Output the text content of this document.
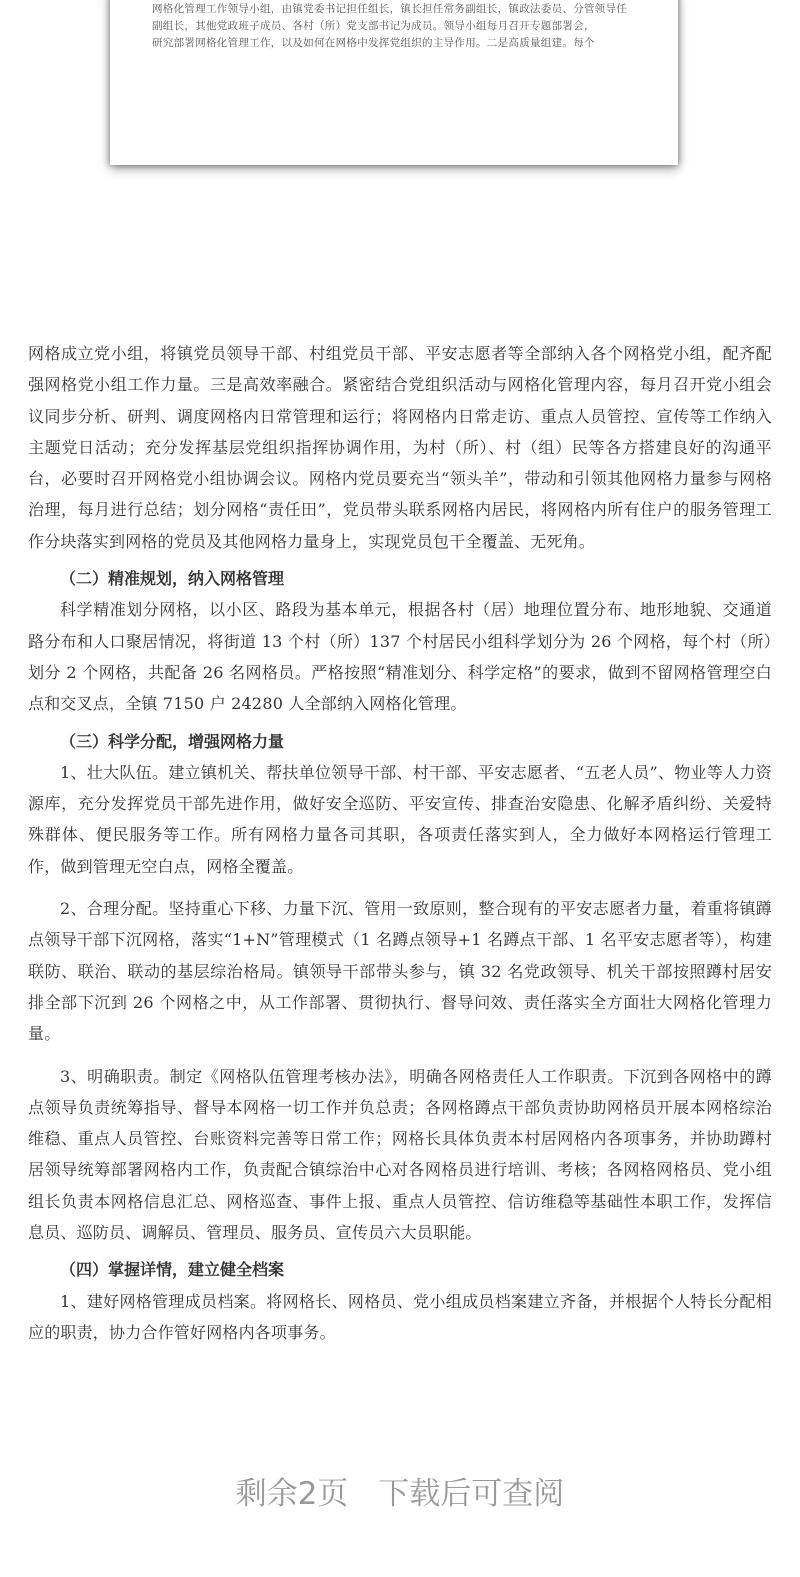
网格化管理工作领导小组，由镇党委书记担任组长，镇长担任常务副组长，镇政法委员、分管领导任

副组长，其他党政班子成员、各村（所）党支部书记为成员。领导小组每月召开专题部署会，

研究部署网格化管理工作，以及如何在网格中发挥党组织的主导作用。二是高质量组建。每个

网格成立党小组，将镇党员领导干部、村组党员干部、平安志愿者等全部纳入各个网格党小组，配齐配强网格党小组工作力量。三是高效率融合。紧密结合党组织活动与网格化管理内容，每月召开党小组会议同步分析、研判、调度网格内日常管理和运行；将网格内日常走访、重点人员管控、宣传等工作纳入主题党日活动；充分发挥基层党组织指挥协调作用，为村（所）、村（组）民等各方搭建良好的沟通平台，必要时召开网格党小组协调会议。网格内党员要充当“领头羊”，带动和引领其他网格力量参与网格治理，每月进行总结；划分网格“责任田”，党员带头联系网格内居民，将网格内所有住户的服务管理工作分块落实到网格的党员及其他网格力量身上，实现党员包干全覆盖、无死角。

（二）精准规划，纳入网格管理

科学精准划分网格，以小区、路段为基本单元，根据各村（居）地理位置分布、地形地貌、交通道路分布和人口聚居情况，将街道 13 个村（所）137 个村居民小组科学划分为 26 个网格，每个村（所）划分 2 个网格，共配备 26 名网格员。严格按照“精准划分、科学定格”的要求，做到不留网格管理空白点和交叉点，全镇 7150 户 24280 人全部纳入网格化管理。

（三）科学分配，增强网格力量

1、壮大队伍。建立镇机关、帮扶单位领导干部、村干部、平安志愿者、“五老人员”、物业等人力资源库，充分发挥党员干部先进作用，做好安全巡防、平安宣传、排查治安隐患、化解矛盾纠纷、关爱特殊群体、便民服务等工作。所有网格力量各司其职，各项责任落实到人，全力做好本网格运行管理工作，做到管理无空白点，网格全覆盖。

2、合理分配。坚持重心下移、力量下沉、管用一致原则，整合现有的平安志愿者力量，着重将镇蹲点领导干部下沉网格，落实“1+N”管理模式（1 名蹲点领导+1 名蹲点干部、1 名平安志愿者等），构建联防、联治、联动的基层综治格局。镇领导干部带头参与，镇 32 名党政领导、机关干部按照蹲村居安排全部下沉到 26 个网格之中，从工作部署、贯彻执行、督导问效、责任落实全方面壮大网格化管理力量。

3、明确职责。制定《网格队伍管理考核办法》，明确各网格责任人工作职责。下沉到各网格中的蹲点领导负责统筹指导、督导本网格一切工作并负总责；各网格蹲点干部负责协助网格员开展本网格综治维稳、重点人员管控、台账资料完善等日常工作；网格长具体负责本村居网格内各项事务，并协助蹲村居领导统筹部署网格内工作，负责配合镇综治中心对各网格员进行培训、考核；各网格网格员、党小组组长负责本网格信息汇总、网格巡查、事件上报、重点人员管控、信访维稳等基础性本职工作，发挥信息员、巡防员、调解员、管理员、服务员、宣传员六大员职能。

（四）掌握详情，建立健全档案

1、建好网格管理成员档案。将网格长、网格员、党小组成员档案建立齐备，并根据个人特长分配相应的职责，协力合作管好网格内各项事务。

剩余2页 下载后可查阅
